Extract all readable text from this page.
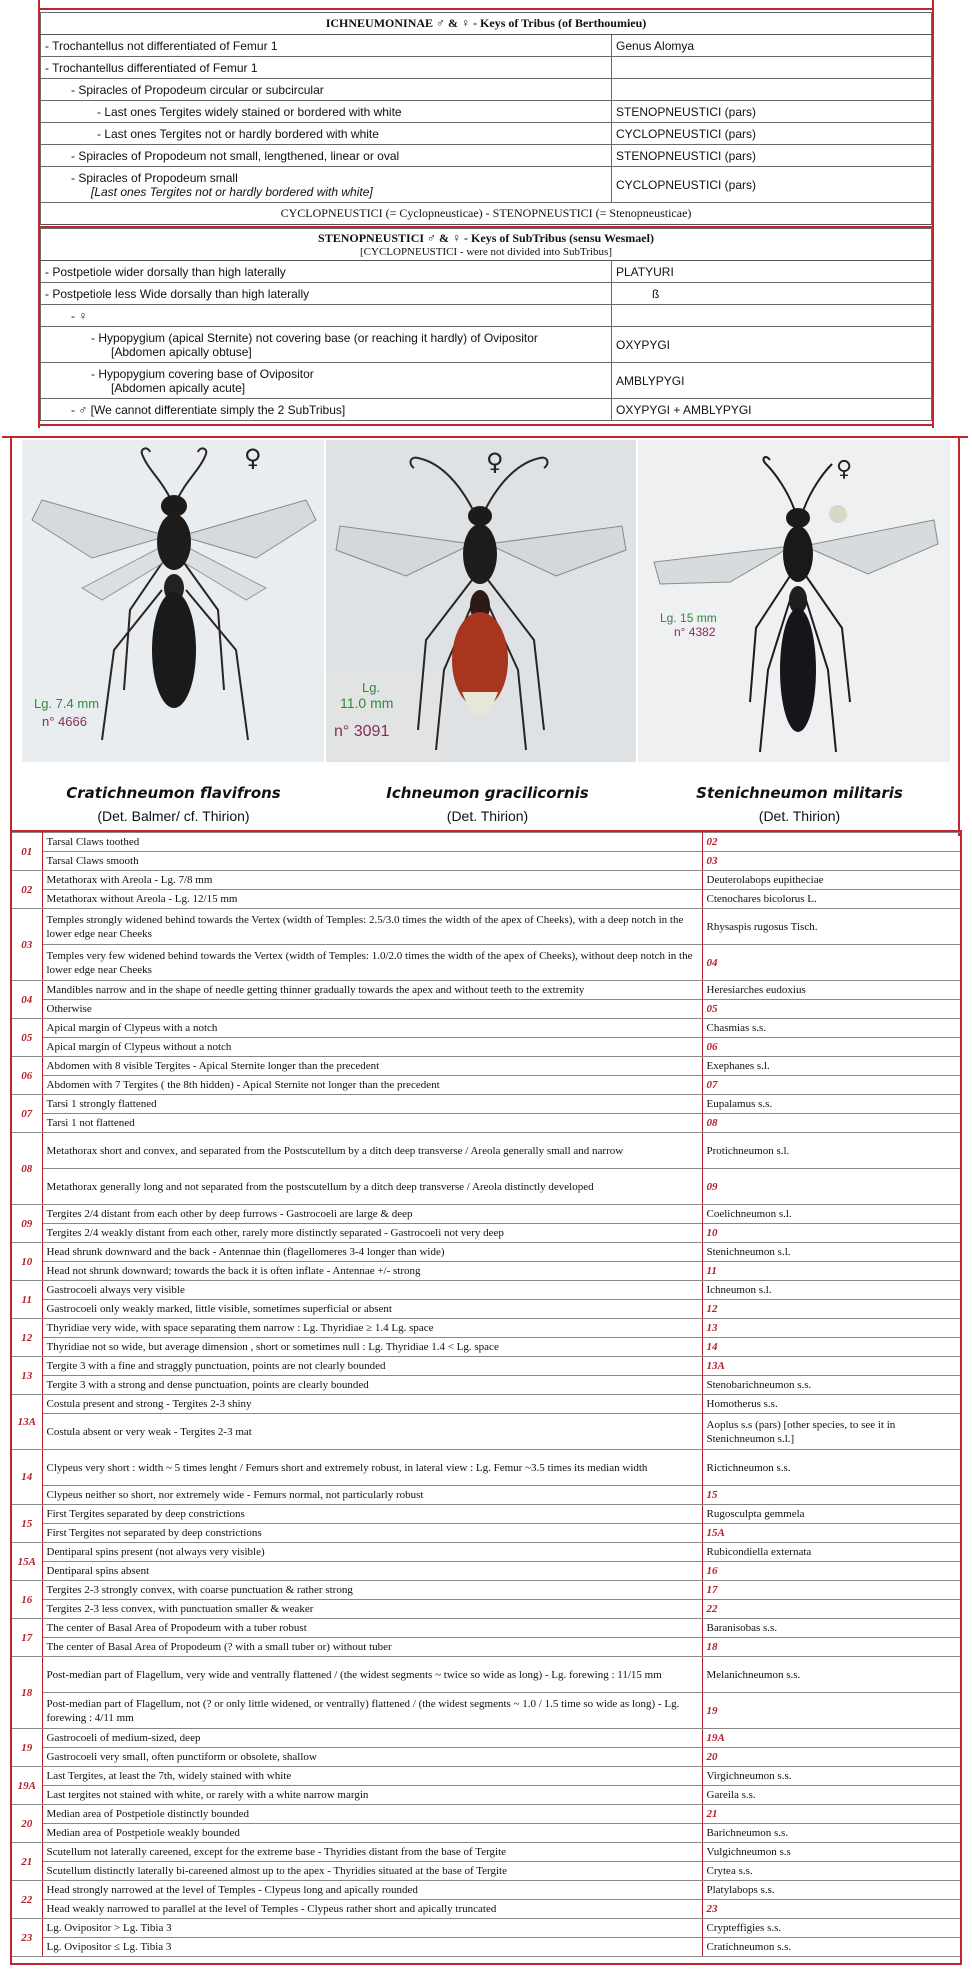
ICHNEUMONINAE ♂ & ♀ - Keys of Tribus (of Berthoumieu)	
- Trochantellus not differentiated of Femur 1	Genus Alomya
- Trochantellus differentiated of Femur 1	
- Spiracles of Propodeum circular or subcircular	
- Last ones Tergites widely stained or bordered with white	STENOPNEUSTICI (pars)
- Last ones Tergites not or hardly bordered with white	CYCLOPNEUSTICI (pars)
- Spiracles of Propodeum not small, lengthened, linear or oval	STENOPNEUSTICI (pars)

- Spiracles of Propodeum small
[Last ones Tergites not or hardly bordered with white]	CYCLOPNEUSTICI (pars)
CYCLOPNEUSTICI (= Cyclopneusticae) - STENOPNEUSTICI (= Stenopneusticae)	
STENOPNEUSTICI ♂ & ♀ - Keys of SubTribus (sensu Wesmael)
[CYCLOPNEUSTICI - were not divided into SubTribus]	

- Postpetiole wider dorsally than high laterally	PLATYURI
- Postpetiole less Wide dorsally than high laterally	ß
- ♀	

- Hypopygium (apical Sternite) not covering base (or reaching it hardly) of Ovipositor
[Abdomen apically obtuse]	OXYPYGI

- Hypopygium covering base of Ovipositor
[Abdomen apically acute]	AMBLYPYGI
- ♂ [We cannot differentiate simply the 2 SubTribus]	OXYPYGI + AMBLYPYGI
♀
Lg. 7.4 mm
n° 4666
♀
Lg.
11.0 mm
n° 3091
♀
Lg. 15 mm
n° 4382
Cratichneumon flavifrons
(Det. Balmer/ cf. Thirion)
Ichneumon gracilicornis
(Det. Thirion)
Stenichneumon militaris
(Det. Thirion)
01	Tarsal Claws toothed	02
	Tarsal Claws smooth	03
02	Metathorax with Areola - Lg. 7/8 mm	Deuterolabops eupitheciae
	Metathorax without Areola - Lg. 12/15 mm	Ctenochares bicolorus L.
03	Temples strongly widened behind towards the Vertex (width of Temples: 2.5/3.0 times the width of the apex of Cheeks), with a deep notch in the lower edge near Cheeks	Rhysaspis rugosus Tisch.
	Temples very few widened behind towards the Vertex (width of Temples: 1.0/2.0 times the width of the apex of Cheeks), without deep notch in the lower edge near Cheeks	04
04	Mandibles narrow and in the shape of needle getting thinner gradually towards the apex and without teeth to the extremity	Heresiarches eudoxius
	Otherwise	05
05	Apical margin of Clypeus with a notch	Chasmias s.s.
	Apical margin of Clypeus without a notch	06
06	Abdomen with 8 visible Tergites - Apical Sternite longer than the precedent	Exephanes s.l.
	Abdomen with 7 Tergites ( the 8th hidden) - Apical Sternite not longer than the precedent	07
07	Tarsi 1 strongly flattened	Eupalamus s.s.
	Tarsi 1 not flattened	08
08	Metathorax short and convex, and separated from the Postscutellum by a ditch deep transverse / Areola generally small and narrow	Protichneumon s.l.
	Metathorax generally long and not separated from the postscutellum by a ditch deep transverse / Areola distinctly developed	09
09	Tergites 2/4 distant from each other by deep furrows - Gastrocoeli are large & deep	Coelichneumon s.l.
	Tergites 2/4 weakly distant from each other, rarely more distinctly separated - Gastrocoeli not very deep	10
10	Head shrunk downward and the back - Antennae thin (flagellomeres 3-4 longer than wide)	Stenichneumon s.l.
	Head not shrunk downward; towards the back it is often inflate - Antennae +/- strong	11
11	Gastrocoeli always very visible	Ichneumon s.l.
	Gastrocoeli only weakly marked, little visible, sometimes superficial or absent	12
12	Thyridiae very wide, with space separating them narrow : Lg. Thyridiae ≥ 1.4 Lg. space	13
	Thyridiae not so wide, but average dimension , short or sometimes null : Lg. Thyridiae 1.4 < Lg. space	14
13	Tergite 3 with a fine and straggly punctuation, points are not clearly bounded	13A
	Tergite 3 with a strong and dense punctuation, points are clearly bounded	Stenobarichneumon s.s.
13A	Costula present and strong - Tergites 2-3 shiny	Homotherus s.s.
	Costula absent or very weak - Tergites 2-3 mat	Aoplus s.s (pars) [other species, to see it in Stenichneumon s.l.]
14	Clypeus very short : width ~ 5 times lenght / Femurs short and extremely robust, in lateral view : Lg. Femur ~3.5 times its median width	Rictichneumon s.s.
	Clypeus neither so short, nor extremely wide - Femurs normal, not particularly robust	15
15	First Tergites separated by deep constrictions	Rugosculpta gemmela
	First Tergites not separated by deep constrictions	15A
15A	Dentiparal spins present (not always very visible)	Rubicondiella externata
	Dentiparal spins absent	16
16	Tergites 2-3 strongly convex, with coarse punctuation & rather strong	17
	Tergites 2-3 less convex, with punctuation smaller & weaker	22
17	The center of Basal Area of Propodeum with a tuber robust	Baranisobas s.s.
	The center of Basal Area of Propodeum (? with a small tuber or) without tuber	18
18	Post-median part of Flagellum, very wide and ventrally flattened / (the widest segments ~ twice so wide as long) - Lg. forewing : 11/15 mm	Melanichneumon s.s.
	Post-median part of Flagellum, not (? or only little widened, or ventrally) flattened / (the widest segments ~ 1.0 / 1.5 time so wide as long) - Lg. forewing : 4/11 mm	19
19	Gastrocoeli of medium-sized, deep	19A
	Gastrocoeli very small, often punctiform or obsolete, shallow	20
19A	Last Tergites, at least the 7th, widely stained with white	Virgichneumon s.s.
	Last tergites not stained with white, or rarely with a white narrow margin	Gareila s.s.
20	Median area of Postpetiole distinctly bounded	21
	Median area of Postpetiole weakly bounded	Barichneumon s.s.
21	Scutellum not laterally careened, except for the extreme base - Thyridies distant from the base of Tergite	Vulgichneumon s.s
	Scutellum distinctly laterally bi-careened almost up to the apex - Thyridies situated at the base of Tergite	Crytea s.s.
22	Head strongly narrowed at the level of Temples - Clypeus long and apically rounded	Platylabops s.s.
	Head weakly narrowed to parallel at the level of Temples - Clypeus rather short and apically truncated	23
23	Lg. Ovipositor > Lg. Tibia 3	Crypteffigies s.s.
	Lg. Ovipositor ≤ Lg. Tibia 3	Cratichneumon s.s.
